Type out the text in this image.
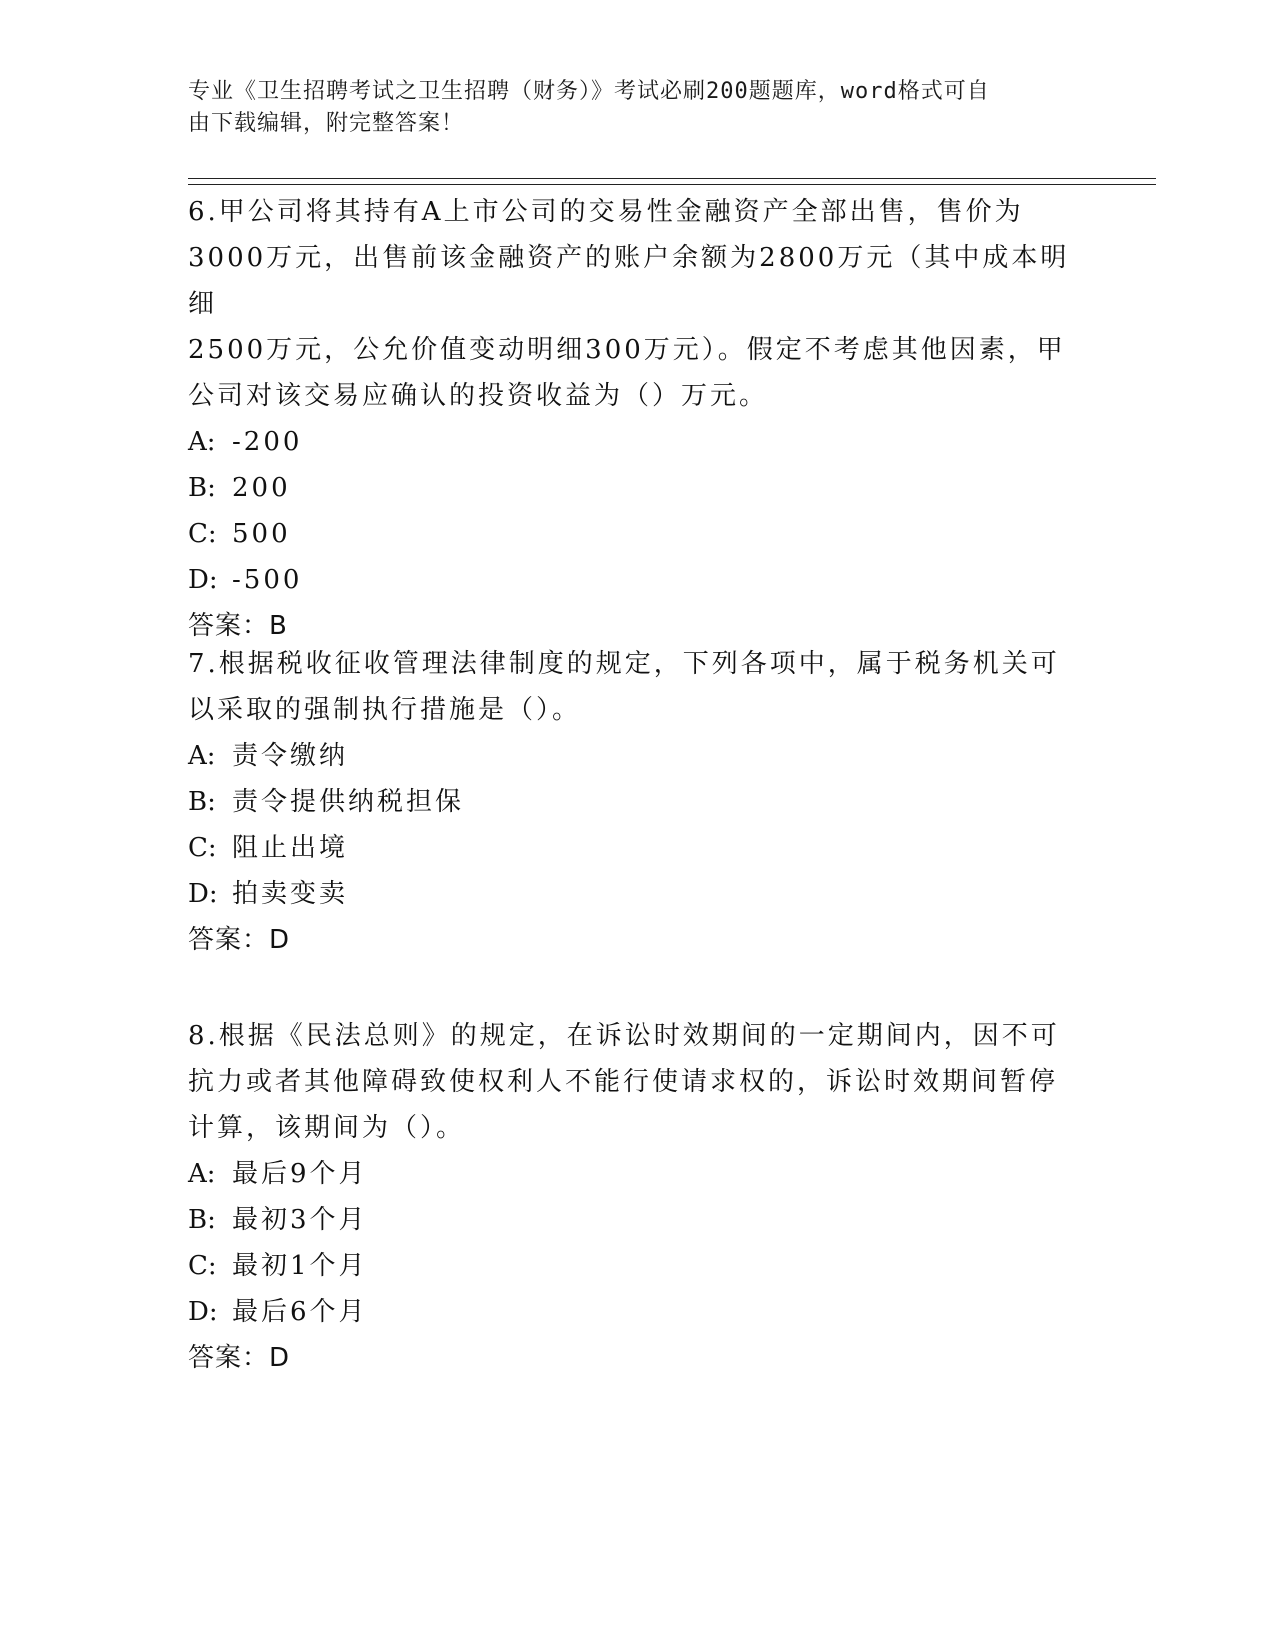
专业《卫生招聘考试之卫生招聘（财务）》考试必刷200题题库，word格式可自
由下载编辑，附完整答案！

6.甲公司将其持有A上市公司的交易性金融资产全部出售，售价为

3000万元，出售前该金融资产的账户余额为2800万元（其中成本明细

2500万元，公允价值变动明细300万元）。假定不考虑其他因素，甲

公司对该交易应确认的投资收益为（）万元。

A: -200

B: 200

C: 500

D: -500

答案：B

7.根据税收征收管理法律制度的规定，下列各项中，属于税务机关可

以采取的强制执行措施是（）。

A: 责令缴纳

B: 责令提供纳税担保

C: 阻止出境

D: 拍卖变卖

答案：D

8.根据《民法总则》的规定，在诉讼时效期间的一定期间内，因不可

抗力或者其他障碍致使权利人不能行使请求权的，诉讼时效期间暂停

计算，该期间为（）。

A: 最后9个月

B: 最初3个月

C: 最初1个月

D: 最后6个月

答案：D
